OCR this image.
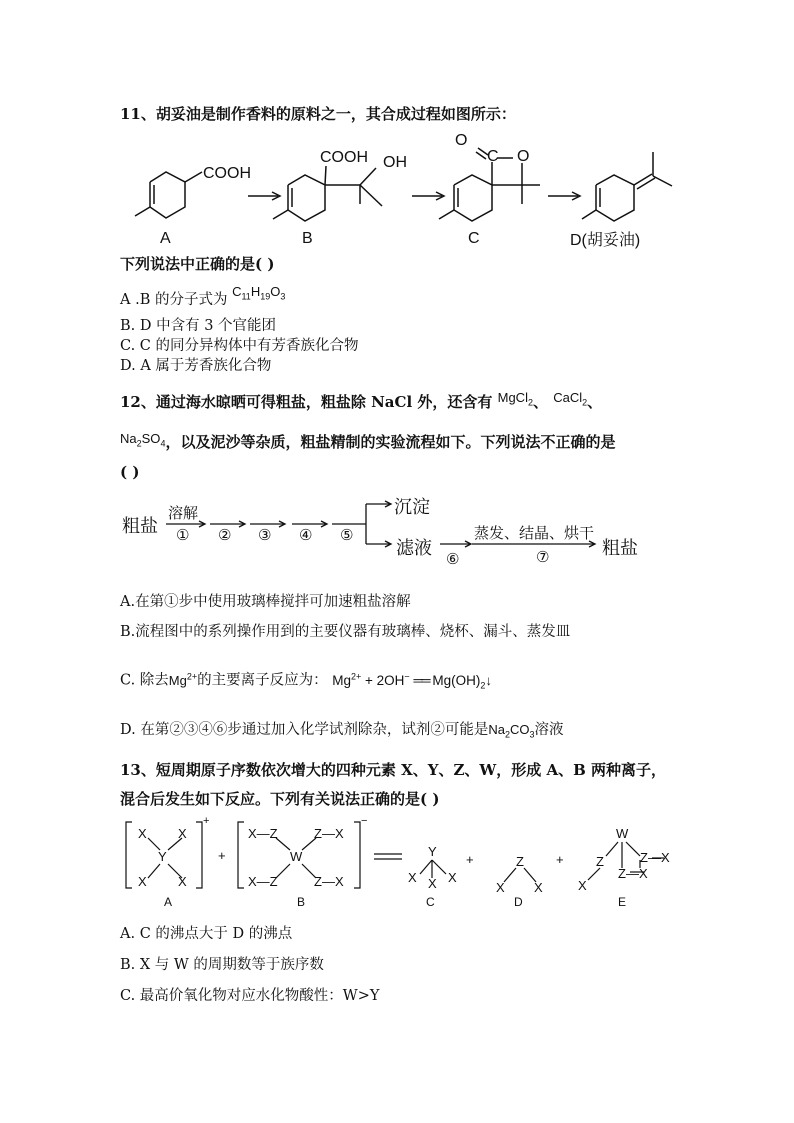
11、胡妥油是制作香料的原料之一，其合成过程如图所示：
COOH
COOH OH
O
C O
A	B	C	D(胡妥油)
下列说法中正确的是( )
A .B 的分子式为 $C_{11}H_{19}O_3$
B. D 中含有 3 个官能团
C. C 的同分异构体中有芳香族化合物
D. A 属于芳香族化合物
12、通过海水晾晒可得粗盐，粗盐除 NaCl 外，还含有 MgCl$_2$、 CaCl$_2$、
$Na_2SO_4$，以及泥沙等杂质，粗盐精制的实验流程如下。下列说法不正确的是
( )
粗盐
溶解
① ② ③ ④ ⑤
沉淀
滤液
⑥
蒸发、结晶、烘干
⑦	粗盐
A.在第①步中使用玻璃棒搅拌可加速粗盐溶解
B.流程图中的系列操作用到的主要仪器有玻璃棒、烧杯、漏斗、蒸发皿
C. 除去$Mg^{2+}$的主要离子反应为： $Mg^{2+} + 2OH^-$ ══ $Mg(OH)_2↓$
D. 在第②③④⑥步通过加入化学试剂除杂，试剂②可能是$Na_2CO_3$溶液
13、短周期原子序数依次增大的四种元素 X、Y、Z、W，形成 A、B 两种离子，
混合后发生如下反应。下列有关说法正确的是( )
X X
Y
X X
+
X—Z	Z—X
W
X—Z	Z—X
−
+	+	+
Y
X X X
Z
X X
W
Z	Z—X
Z—X
X
A	B	C	D	E
A. C 的沸点大于 D 的沸点
B. X 与 W 的周期数等于族序数
C. 最高价氧化物对应水化物酸性：W>Y
